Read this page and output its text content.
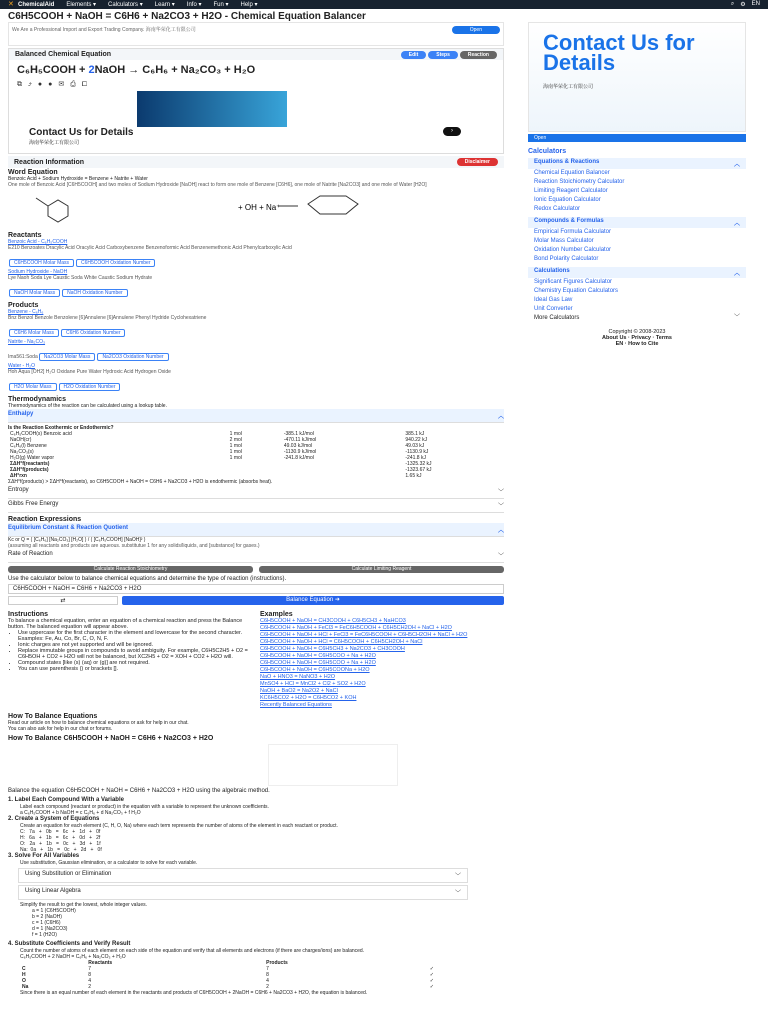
✕ ChemicalAid Elements ▾ Calculators ▾ Learn ▾ Info ▾ Fun ▾ Help ▾	⌕ ⚙ EN
C6H5COOH + NaOH = C6H6 + Na2CO3 + H2O - Chemical Equation Balancer
We Are a Professional Import and Export Trading Company. 海南华荣化工有限公司	Open
Balanced Chemical Equation	Edit	Steps	Reaction
C₆H₅COOH + 2NaOH → C₆H₆ + Na₂CO₃ + H₂O
⧉⤴●●✉⎙⧠
Contact Us for Details
海南华荣化工有限公司
›
Reaction Information	Disclaimer
Word Equation
Benzoic Acid + Sodium Hydroxide = Benzene + Natrite + Water
One mole of Benzoic Acid [C6H5COOH] and two moles of Sodium Hydroxide [NaOH] react to form one mole of Benzene [C6H6], one mole of Natrite [Na2CO3] and one mole of Water [H2O]
+ OH + Na⁺
Reactants
Benzoic Acid - C₆H₅COOH
E210 Benzoates Dracylic Acid Oracylic Acid Carboxybenzene Benzenoformic Acid Benzenemethonic Acid Phenylcarboxylic Acid
C6H5COOH Molar Mass C6H5COOH Oxidation Number
Sodium Hydroxide - NaOH
Lye Naoh Soda Lye Caustic Soda White Caustic Sodium Hydrate
NaOH Molar Mass NaOH Oxidation Number
Products
Benzene - C₆H₆
Bnz Benzol Benzole Benzolene [6]Annulene [6]Annulene Phenyl Hydride Cyclohexatriene
C6H6 Molar Mass C6H6 Oxidation Number
Natrite - Na₂CO₃
Ima561:Soda Na2CO3 Molar Mass Na2CO3 Oxidation Number
Water - H₂O
Hoh Aqua [OH2] H₂O Oxidane Pure Water Hydroxic Acid Hydrogen Oxide
H2O Molar Mass H2O Oxidation Number
Thermodynamics
Thermodynamics of the reaction can be calculated using a lookup table.
Enthalpy	︿
Is the Reaction Exothermic or Endothermic?
C₆H₅COOH(s) Benzoic acid	1 mol	-385.1 kJ/mol	385.1 kJ
NaOH(cr)	2 mol	-470.11 kJ/mol	940.22 kJ
C₆H₆(l) Benzene	1 mol	49.03 kJ/mol	49.03 kJ
Na₂CO₃(s)	1 mol	-1130.9 kJ/mol	-1130.9 kJ
H₂O(g) Water vapor	1 mol	-241.8 kJ/mol	-241.8 kJ
ΣΔH°f(reactants)			-1325.32 kJ
ΣΔH°f(products)			-1323.67 kJ
ΔH°rxn			1.65 kJ
ΣΔH°f(products) > ΣΔH°f(reactants), so C6H5COOH + NaOH = C6H6 + Na2CO3 + H2O is endothermic (absorbs heat).
Entropy	﹀
Gibbs Free Energy	﹀
Reaction Expressions
Equilibrium Constant & Reaction Quotient	︿
Kc or Q = ( [C₆H₆] [Na₂CO₃] [H₂O] ) / ( [C₆H₅COOH] [NaOH]² )
(assuming all reactants and products are aqueous. substitutue 1 for any solids/liquids, and [substance] for gases.)
Rate of Reaction	﹀
Calculate Reaction Stoichiometry	Calculate Limiting Reagent
Use the calculator below to balance chemical equations and determine the type of reaction (instructions).
C6H5COOH + NaOH = C6H6 + Na2CO3 + H2O
⇄	Balance Equation ➜
Instructions
To balance a chemical equation, enter an equation of a chemical reaction and press the Balance button. The balanced equation will appear above.
• Use uppercase for the first character in the element and lowercase for the second character. Examples: Fe, Au, Co, Br, C, O, N, F.
• Ionic charges are not yet supported and will be ignored.
• Replace immutable groups in compounds to avoid ambiguity. For example, C6H5C2H5 + O2 = C6H5OH + CO2 + H2O will not be balanced, but XC2H5 + O2 = XOH + CO2 + H2O will.
• Compound states [like (s) (aq) or (g)] are not required.
• You can use parenthesis () or brackets [].
Examples
C6H5COOH + NaOH = CH3COOH + C6H5CH3 + NaHCO3
C6H5COOH + NaOH + FeCl3 = FeC6H5COOH + C6H5CH2OH + NaCl + H2O
C6H5COOH + NaOH + HCl + FeCl3 = FeC6H5COOH + C6H5CH2OH + NaCl + H2O
C6H5COOH + NaOH + HCl = C6H5COOH + C6H5CH2OH + NaCl
C6H5COOH + NaOH = C6H5CH3 + Na2CO3 + CH3COOH
C6H5COOH + NaOH = C6H5COO + Na + H2O
C6H5COOH + NaOH = C6H5COO + Na + H2O
C6H5COOH + NaOH = C6H5COONa + H2O
NaO + HNO3 = NaNO3 + H2O
MnSO4 + HCl = MnCl2 + Cl2 + SO2 + H2O
NaOH + BaO2 = Na2O2 + NaCl
KC6H5CO2 + H2O = C6H5CO2 + KOH
Recently Balanced Equations
How To Balance Equations
Read our article on how to balance chemical equations or ask for help in our chat.
You can also ask for help in our chat or forums.
How To Balance C6H5COOH + NaOH = C6H6 + Na2CO3 + H2O
Balance the equation C6H5COOH + NaOH = C6H6 + Na2CO3 + H2O using the algebraic method.
1. Label Each Compound With a Variable
Label each compound (reactant or product) in the equation with a variable to represent the unknown coefficients.
a C₆H₅COOH + b NaOH = c C₆H₆ + d Na₂CO₃ + f H₂O
2. Create a System of Equations
Create an equation for each element (C, H, O, Na) where each term represents the number of atoms of the element in each reactant or product.
C:   7a   +   0b   =   6c   +   1d   +   0f
H:   6a   +   1b   =   6c   +   0d   +   2f
O:   2a   +   1b   =   0c   +   3d   +   1f
Na:  0a   +   1b   =   0c   +   2d   +   0f
3. Solve For All Variables
Use substitution, Gaussian elimination, or a calculator to solve for each variable.
Using Substitution or Elimination	﹀
Using Linear Algebra	﹀
Simplify the result to get the lowest, whole integer values.
a = 1 (C6H5COOH)
b = 2 (NaOH)
c = 1 (C6H6)
d = 1 (Na2CO3)
f = 1 (H2O)
4. Substitute Coefficients and Verify Result
Count the number of atoms of each element on each side of the equation and verify that all elements and electrons (if there are charges/ions) are balanced.
C₆H₅COOH + 2 NaOH = C₆H₆ + Na₂CO₃ + H₂O
	Reactants	Products	
C	7	7	✓
H	8	8	✓
O	4	4	✓
Na	2	2	✓
Since there is an equal number of each element in the reactants and products of C6H5COOH + 2NaOH = C6H6 + Na2CO3 + H2O, the equation is balanced.
Contact Us for Details
海南华荣化工有限公司
Open
Calculators
Equations & Reactions	︿
Chemical Equation Balancer
Reaction Stoichiometry Calculator
Limiting Reagent Calculator
Ionic Equation Calculator
Redox Calculator
Compounds & Formulas	︿
Empirical Formula Calculator
Molar Mass Calculator
Oxidation Number Calculator
Bond Polarity Calculator
Calculations	︿
Significant Figures Calculator
Chemistry Equation Calculators
Ideal Gas Law
Unit Converter
More Calculators	﹀
Copyright © 2008-2023
About Us · Privacy · Terms
EN · How to Cite
